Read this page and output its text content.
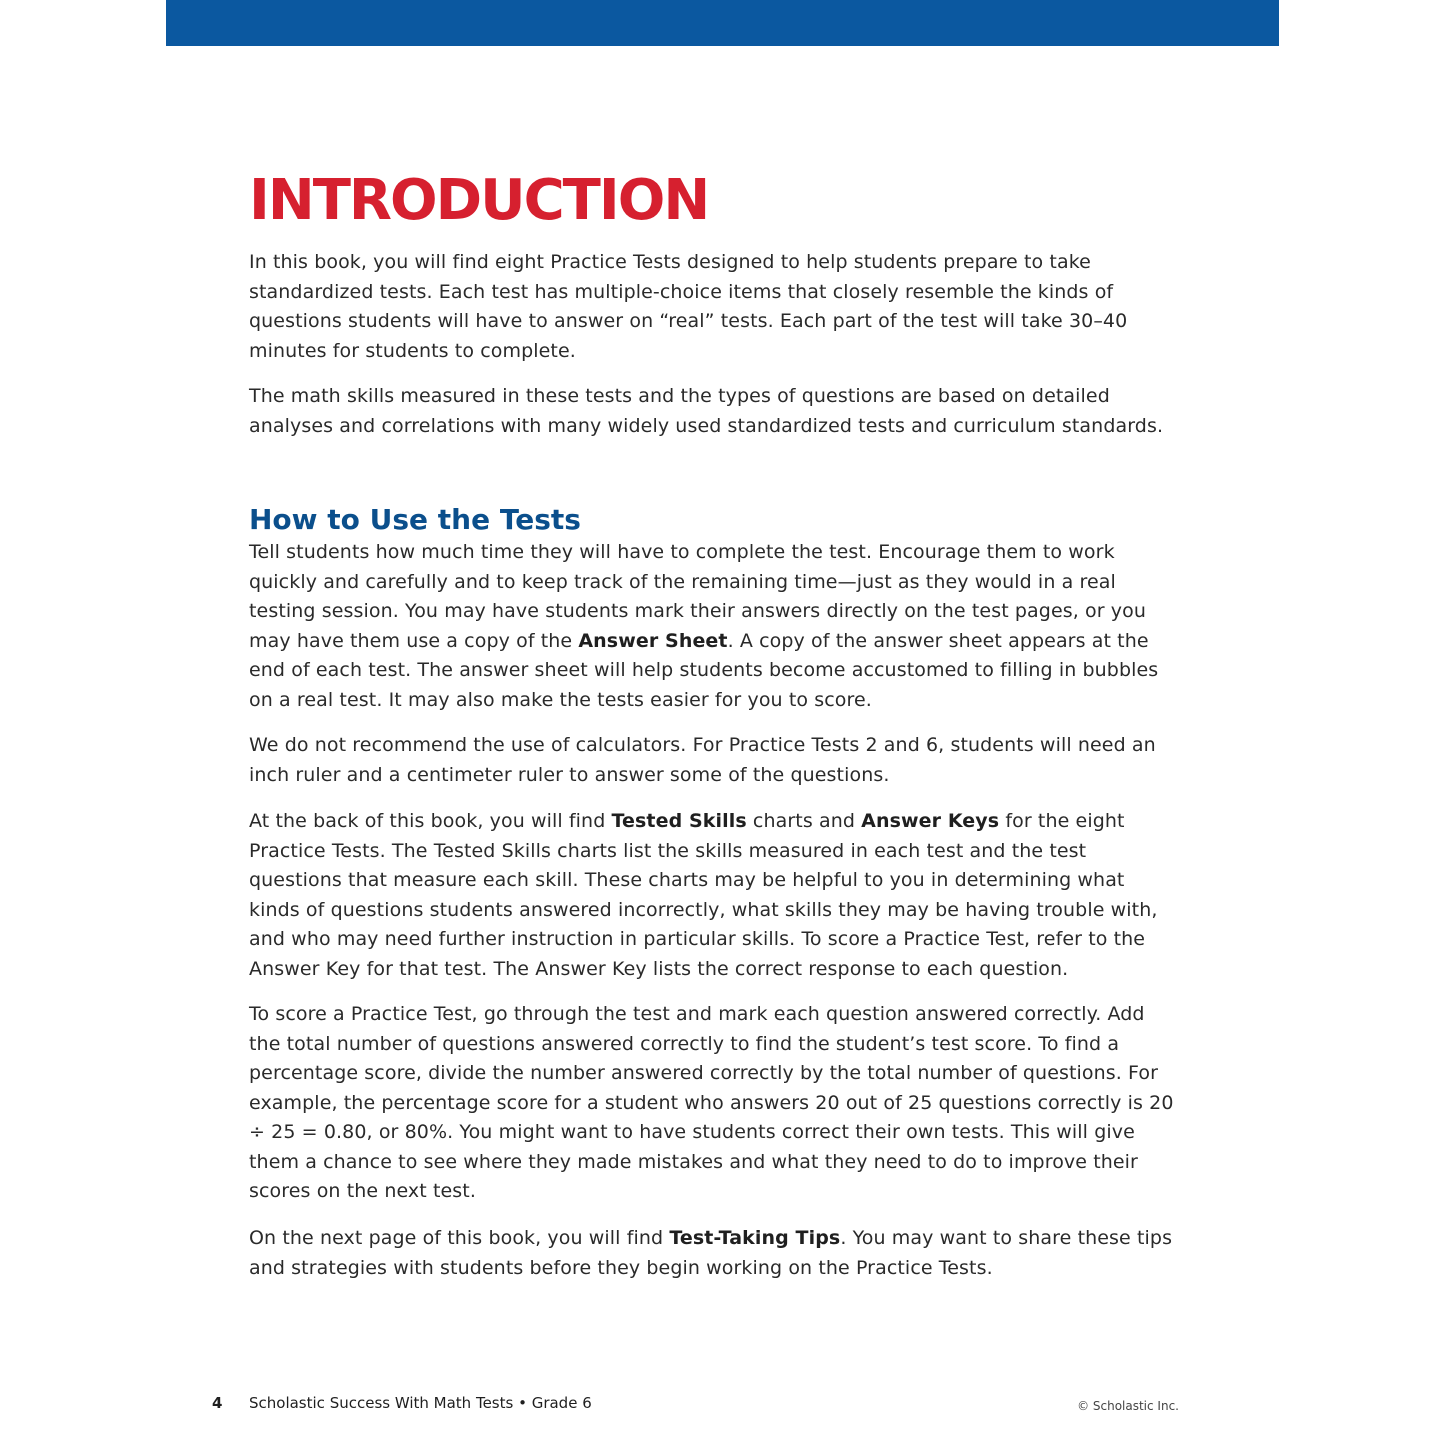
INTRODUCTION

In this book, you will find eight Practice Tests designed to help students prepare to take standardized tests. Each test has multiple-choice items that closely resemble the kinds of questions students will have to answer on “real” tests. Each part of the test will take 30–40 minutes for students to complete.

The math skills measured in these tests and the types of questions are based on detailed analyses and correlations with many widely used standardized tests and curriculum standards.

How to Use the Tests

Tell students how much time they will have to complete the test. Encourage them to work quickly and carefully and to keep track of the remaining time—just as they would in a real testing session. You may have students mark their answers directly on the test pages, or you may have them use a copy of the Answer Sheet. A copy of the answer sheet appears at the end of each test. The answer sheet will help students become accustomed to filling in bubbles on a real test. It may also make the tests easier for you to score.

We do not recommend the use of calculators. For Practice Tests 2 and 6, students will need an inch ruler and a centimeter ruler to answer some of the questions.

At the back of this book, you will find Tested Skills charts and Answer Keys for the eight Practice Tests. The Tested Skills charts list the skills measured in each test and the test questions that measure each skill. These charts may be helpful to you in determining what kinds of questions students answered incorrectly, what skills they may be having trouble with, and who may need further instruction in particular skills. To score a Practice Test, refer to the Answer Key for that test. The Answer Key lists the correct response to each question.

To score a Practice Test, go through the test and mark each question answered correctly. Add the total number of questions answered correctly to find the student’s test score. To find a percentage score, divide the number answered correctly by the total number of questions. For example, the percentage score for a student who answers 20 out of 25 questions correctly is 20 ÷ 25 = 0.80, or 80%. You might want to have students correct their own tests. This will give them a chance to see where they made mistakes and what they need to do to improve their scores on the next test.

On the next page of this book, you will find Test-Taking Tips. You may want to share these tips and strategies with students before they begin working on the Practice Tests.

4 Scholastic Success With Math Tests • Grade 6	© Scholastic Inc.
